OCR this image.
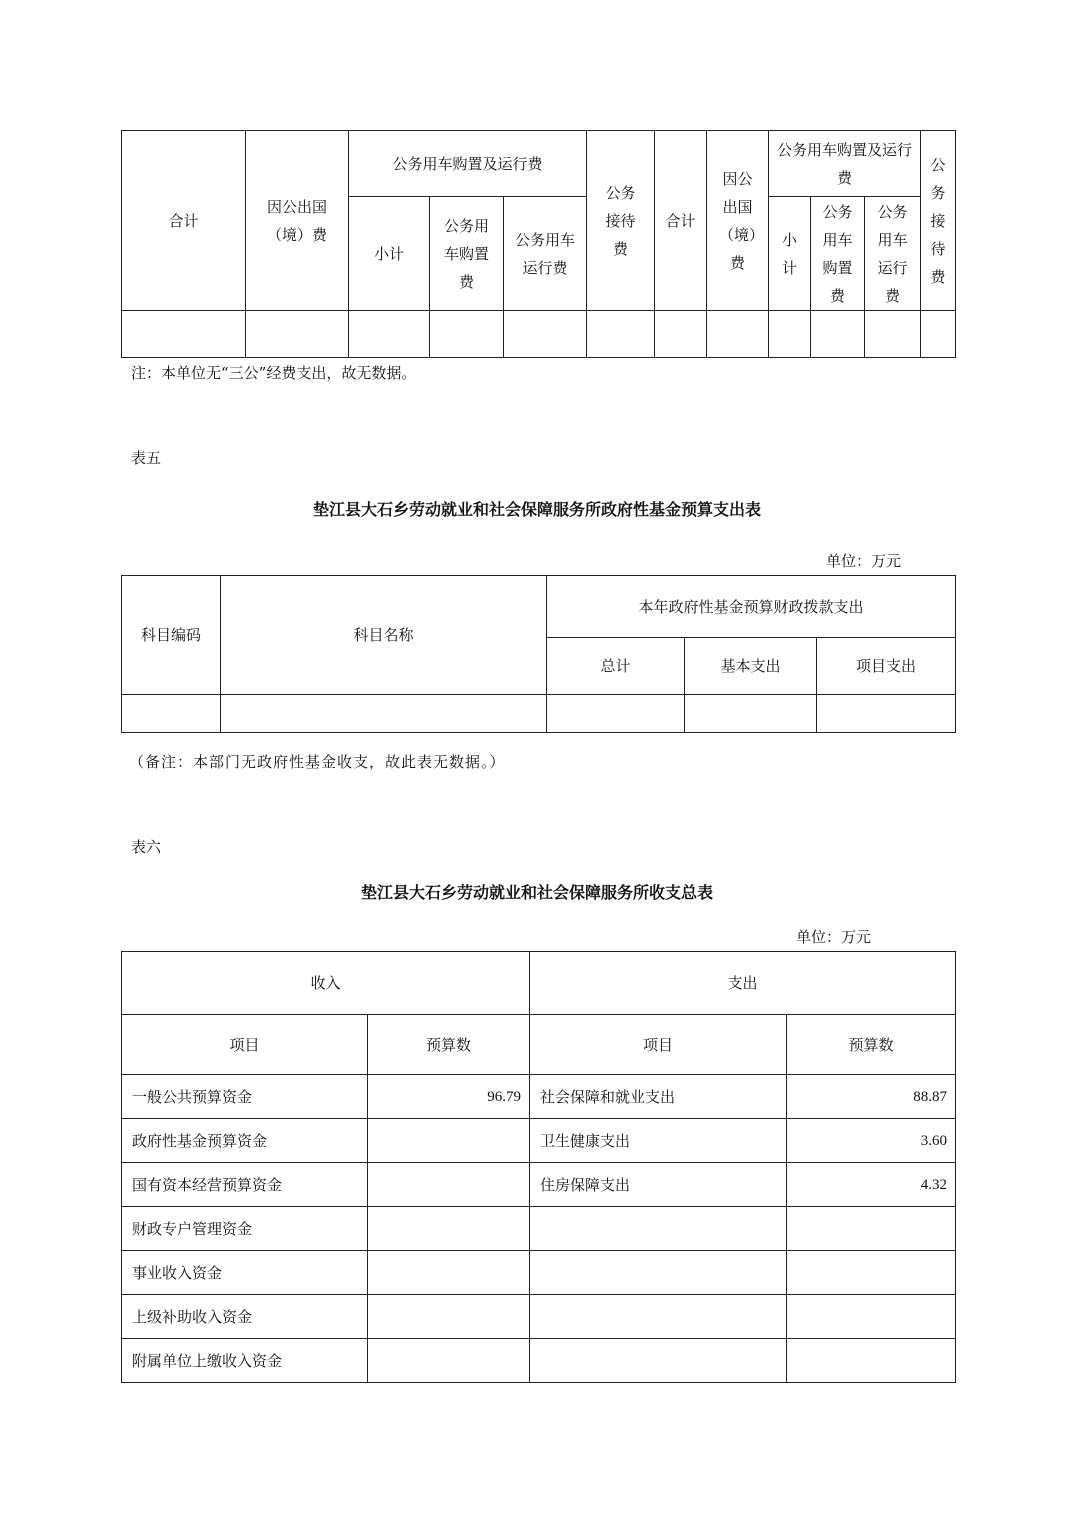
合计	因公出国（境）费	公务用车购置及运行费			公务接待费	合计	因公出国（境）费	公务用车购置及运行费			公务接待费
		小计	公务用车购置费	公务用车运行费				小计	公务用车购置费	公务用车运行费	

注：本单位无“三公”经费支出，故无数据。

表五

垫江县大石乡劳动就业和社会保障服务所政府性基金预算支出表

单位：万元

科目编码	科目名称	本年政府性基金预算财政拨款支出		
		总计	基本支出	项目支出

（备注：本部门无政府性基金收支，故此表无数据。）

表六

垫江县大石乡劳动就业和社会保障服务所收支总表

单位：万元

收入		支出	
项目	预算数	项目	预算数
一般公共预算资金	96.79	社会保障和就业支出	88.87
政府性基金预算资金		卫生健康支出	3.60
国有资本经营预算资金		住房保障支出	4.32
财政专户管理资金			
事业收入资金			
上级补助收入资金			
附属单位上缴收入资金			
